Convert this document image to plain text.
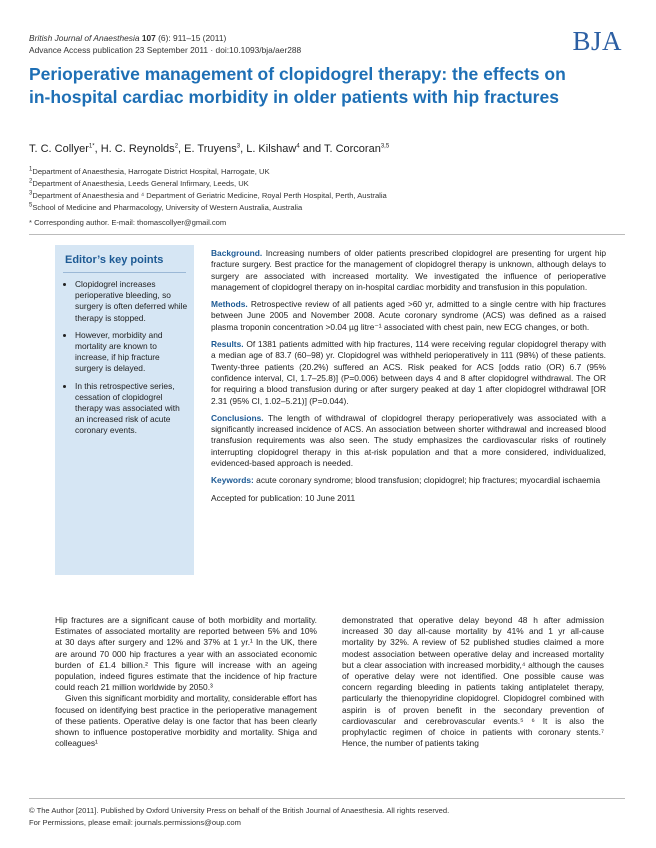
British Journal of Anaesthesia 107 (6): 911–15 (2011)
Advance Access publication 23 September 2011 · doi:10.1093/bja/aer288	BJA
Perioperative management of clopidogrel therapy: the effects on in-hospital cardiac morbidity in older patients with hip fractures
T. C. Collyer$^{1*}$, H. C. Reynolds$^2$, E. Truyens$^3$, L. Kilshaw$^4$ and T. Corcoran$^{3,5}$
$^1$Department of Anaesthesia, Harrogate District Hospital, Harrogate, UK
$^2$Department of Anaesthesia, Leeds General Infirmary, Leeds, UK
$^3$Department of Anaesthesia and ⁴ Department of Geriatric Medicine, Royal Perth Hospital, Perth, Australia
$^5$School of Medicine and Pharmacology, University of Western Australia, Australia
* Corresponding author. E-mail: thomascollyer@gmail.com
Editor’s key points
• Clopidogrel increases perioperative bleeding, so surgery is often deferred while therapy is stopped.
• However, morbidity and mortality are known to increase, if hip fracture surgery is delayed.
• In this retrospective series, cessation of clopidogrel therapy was associated with an increased risk of acute coronary events.

Background. Increasing numbers of older patients prescribed clopidogrel are presenting for urgent hip fracture surgery. Best practice for the management of clopidogrel therapy is unknown, although delays to surgery are associated with increased mortality. We investigated the influence of perioperative management of clopidogrel therapy on in-hospital cardiac morbidity and transfusion in this population.

Methods. Retrospective review of all patients aged >60 yr, admitted to a single centre with hip fractures between June 2005 and November 2008. Acute coronary syndrome (ACS) was defined as a raised plasma troponin concentration >0.04 µg litre⁻¹ associated with chest pain, new ECG changes, or both.

Results. Of 1381 patients admitted with hip fractures, 114 were receiving regular clopidogrel therapy with a median age of 83.7 (60–98) yr. Clopidogrel was withheld perioperatively in 111 (98%) of these patients. Twenty-three patients (20.2%) suffered an ACS. Risk peaked for ACS [odds ratio (OR) 6.7 (95% confidence interval, CI, 1.7–25.8)] (P=0.006) between days 4 and 8 after clopidogrel withdrawal. The OR for requiring a blood transfusion during or after surgery peaked at day 1 after clopidogrel withdrawal [OR 2.31 (95% CI, 1.02–5.21)] (P=0.044).

Conclusions. The length of withdrawal of clopidogrel therapy perioperatively was associated with a significantly increased incidence of ACS. An association between shorter withdrawal and increased blood transfusion requirements was also seen. The study emphasizes the cardiovascular risks of routinely interrupting clopidogrel therapy in this at-risk population and that a more considered, individualized, evidenced-based approach is needed.

Keywords: acute coronary syndrome; blood transfusion; clopidogrel; hip fractures; myocardial ischaemia

Accepted for publication: 10 June 2011

Hip fractures are a significant cause of both morbidity and mortality. Estimates of associated mortality are reported between 5% and 10% at 30 days after surgery and 12% and 37% at 1 yr.¹ In the UK, there are around 70 000 hip fractures a year with an associated economic burden of £1.4 billion.² This figure will increase with an ageing population, indeed figures estimate that the incidence of hip fracture could reach 21 million worldwide by 2050.³

Given this significant morbidity and mortality, considerable effort has focused on identifying best practice in the perioperative management of these patients. Operative delay is one factor that has been clearly shown to influence postoperative morbidity and mortality. Shiga and colleagues¹

demonstrated that operative delay beyond 48 h after admission increased 30 day all-cause mortality by 41% and 1 yr all-cause mortality by 32%. A review of 52 published studies claimed a more modest association between operative delay and increased mortality but a clear association with increased morbidity,⁴ although the causes of operative delay were not identified. One possible cause was concern regarding bleeding in patients taking antiplatelet therapy, particularly the thienopyridine clopidogrel. Clopidogrel combined with aspirin is of proven benefit in the secondary prevention of cardiovascular and cerebrovascular events.⁵ ⁶ It is also the prophylactic regimen of choice in patients with coronary stents.⁷ Hence, the number of patients taking

© The Author [2011]. Published by Oxford University Press on behalf of the British Journal of Anaesthesia. All rights reserved.
For Permissions, please email: journals.permissions@oup.com
